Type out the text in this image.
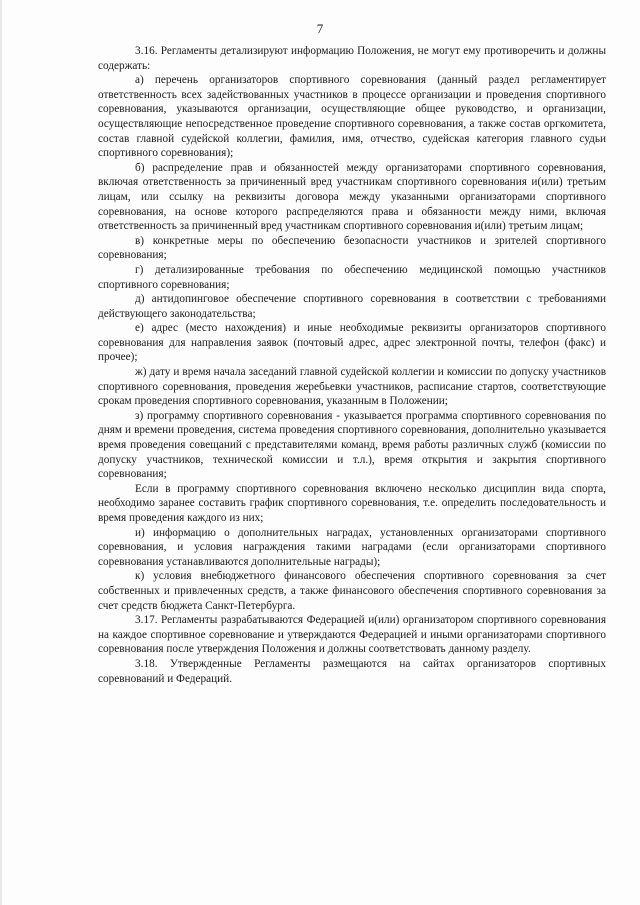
7

3.16. Регламенты детализируют информацию Положения, не могут ему противоречить и должны содержать:

а) перечень организаторов спортивного соревнования (данный раздел регламентирует ответственность всех задействованных участников в процессе организации и проведения спортивного соревнования, указываются организации, осуществляющие общее руководство, и организации, осуществляющие непосредственное проведение спортивного соревнования, а также состав оргкомитета, состав главной судейской коллегии, фамилия, имя, отчество, судейская категория главного судьи спортивного соревнования);

б) распределение прав и обязанностей между организаторами спортивного соревнования, включая ответственность за причиненный вред участникам спортивного соревнования и(или) третьим лицам, или ссылку на реквизиты договора между указанными организаторами спортивного соревнования, на основе которого распределяются права и обязанности между ними, включая ответственность за причиненный вред участникам спортивного соревнования и(или) третьим лицам;

в) конкретные меры по обеспечению безопасности участников и зрителей спортивного соревнования;

г) детализированные требования по обеспечению медицинской помощью участников спортивного соревнования;

д) антидопинговое обеспечение спортивного соревнования в соответствии с требованиями действующего законодательства;

е) адрес (место нахождения) и иные необходимые реквизиты организаторов спортивного соревнования для направления заявок (почтовый адрес, адрес электронной почты, телефон (факс) и прочее);

ж) дату и время начала заседаний главной судейской коллегии и комиссии по допуску участников спортивного соревнования, проведения жеребьевки участников, расписание стартов, соответствующие срокам проведения спортивного соревнования, указанным в Положении;

з) программу спортивного соревнования - указывается программа спортивного соревнования по дням и времени проведения, система проведения спортивного соревнования, дополнительно указывается время проведения совещаний с представителями команд, время работы различных служб (комиссии по допуску участников, технической комиссии и т.л.), время открытия и закрытия спортивного соревнования;

Если в программу спортивного соревнования включено несколько дисциплин вида спорта, необходимо заранее составить график спортивного соревнования, т.е. определить последовательность и время проведения каждого из них;

и) информацию о дополнительных наградах, установленных организаторами спортивного соревнования, и условия награждения такими наградами (если организаторами спортивного соревнования устанавливаются дополнительные награды);

к) условия внебюджетного финансового обеспечения спортивного соревнования за счет собственных и привлеченных средств, а также финансового обеспечения спортивного соревнования за счет средств бюджета Санкт-Петербурга.

3.17. Регламенты разрабатываются Федерацией и(или) организатором спортивного соревнования на каждое спортивное соревнование и утверждаются Федерацией и иными организаторами спортивного соревнования после утверждения Положения и должны соответствовать данному разделу.

3.18. Утвержденные Регламенты размещаются на сайтах организаторов спортивных соревнований и Федераций.
